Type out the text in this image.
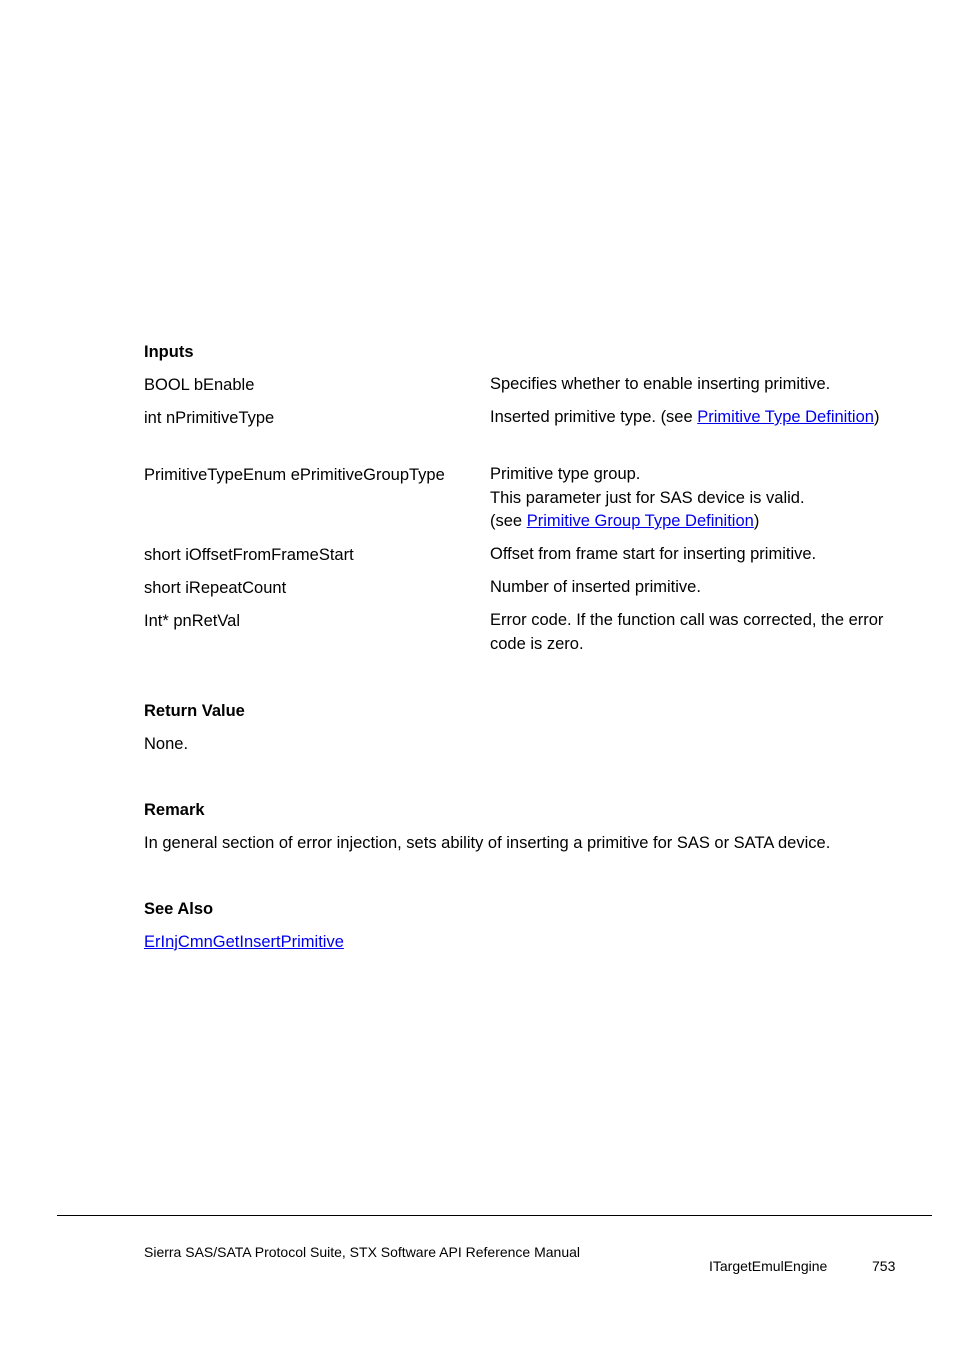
Inputs
BOOL bEnable	Specifies whether to enable inserting primitive.
int nPrimitiveType	Inserted primitive type. (see Primitive Type Definition)
PrimitiveTypeEnum ePrimitiveGroupType	Primitive type group.
This parameter just for SAS device is valid.
(see Primitive Group Type Definition)
short iOffsetFromFrameStart	Offset from frame start for inserting primitive.
short iRepeatCount	Number of inserted primitive.
Int* pnRetVal	Error code. If the function call was corrected, the error code is zero.
Return Value
None.
Remark
In general section of error injection, sets ability of inserting a primitive for SAS or SATA device.
See Also
ErInjCmnGetInsertPrimitive
Sierra SAS/SATA Protocol Suite, STX Software API Reference Manual
ITargetEmulEngine	753
